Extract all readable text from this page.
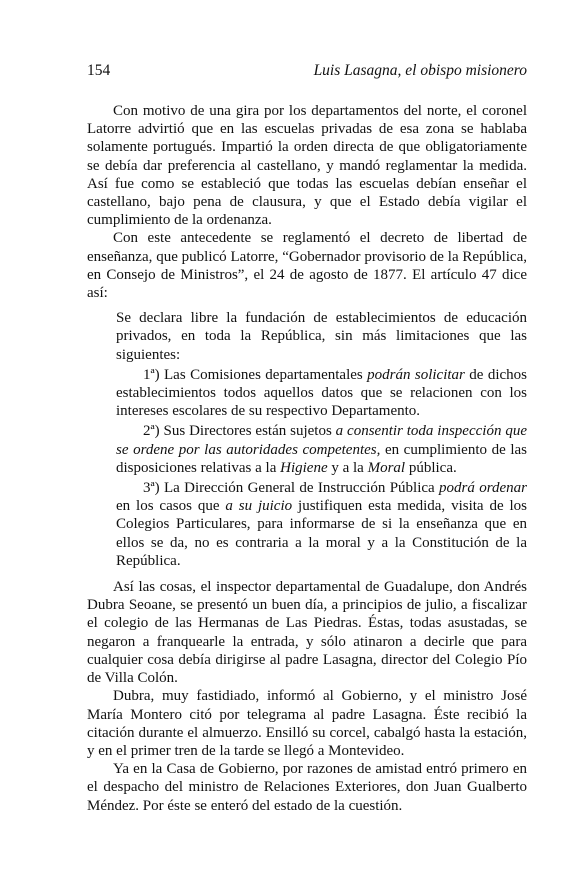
154	Luis Lasagna, el obispo misionero

Con motivo de una gira por los departamentos del norte, el coronel Latorre advirtió que en las escuelas privadas de esa zona se hablaba solamente portugués. Impartió la orden directa de que obligatoriamente se debía dar preferencia al castellano, y mandó reglamentar la medida. Así fue como se estableció que todas las escuelas debían enseñar el castellano, bajo pena de clausura, y que el Estado debía vigilar el cumplimiento de la ordenanza.

Con este antecedente se reglamentó el decreto de libertad de enseñanza, que publicó Latorre, “Gobernador provisorio de la República, en Consejo de Ministros”, el 24 de agosto de 1877. El artículo 47 dice así:

Se declara libre la fundación de establecimientos de educación privados, en toda la República, sin más limitaciones que las siguientes:

1ª) Las Comisiones departamentales podrán solicitar de dichos establecimientos todos aquellos datos que se relacionen con los intereses escolares de su respectivo Departamento.

2ª) Sus Directores están sujetos a consentir toda inspección que se ordene por las autoridades competentes, en cumplimiento de las disposiciones relativas a la Higiene y a la Moral pública.

3ª) La Dirección General de Instrucción Pública podrá ordenar en los casos que a su juicio justifiquen esta medida, visita de los Colegios Particulares, para informarse de si la enseñanza que en ellos se da, no es contraria a la moral y a la Constitución de la República.

Así las cosas, el inspector departamental de Guadalupe, don Andrés Dubra Seoane, se presentó un buen día, a principios de julio, a fiscalizar el colegio de las Hermanas de Las Piedras. Éstas, todas asustadas, se negaron a franquearle la entrada, y sólo atinaron a decirle que para cualquier cosa debía dirigirse al padre Lasagna, director del Colegio Pío de Villa Colón.

Dubra, muy fastidiado, informó al Gobierno, y el ministro José María Montero citó por telegrama al padre Lasagna. Éste recibió la citación durante el almuerzo. Ensilló su corcel, cabalgó hasta la estación, y en el primer tren de la tarde se llegó a Montevideo.

Ya en la Casa de Gobierno, por razones de amistad entró primero en el despacho del ministro de Relaciones Exteriores, don Juan Gualberto Méndez. Por éste se enteró del estado de la cuestión.
